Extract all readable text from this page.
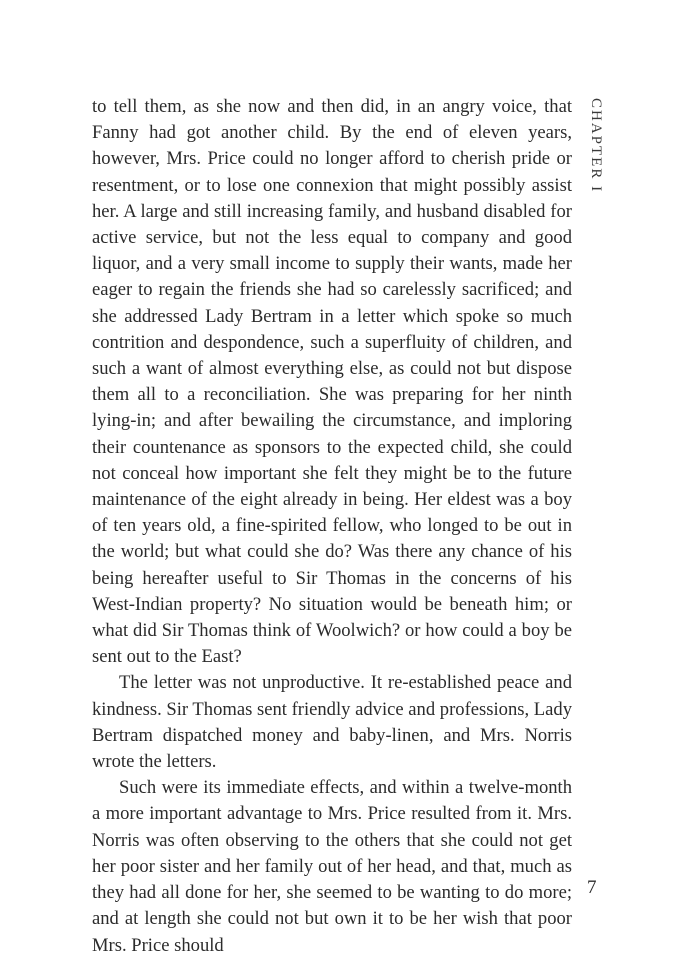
CHAPTER I

to tell them, as she now and then did, in an angry voice, that Fanny had got another child. By the end of eleven years, however, Mrs. Price could no longer afford to cherish pride or resentment, or to lose one connexion that might possibly assist her. A large and still increasing family, and husband disabled for active service, but not the less equal to company and good liquor, and a very small income to supply their wants, made her eager to regain the friends she had so carelessly sacrificed; and she addressed Lady Bertram in a letter which spoke so much contrition and despondence, such a superfluity of children, and such a want of almost everything else, as could not but dispose them all to a reconciliation. She was preparing for her ninth lying-in; and after bewailing the circumstance, and imploring their countenance as sponsors to the expected child, she could not conceal how important she felt they might be to the future maintenance of the eight already in being. Her eldest was a boy of ten years old, a fine-spirited fellow, who longed to be out in the world; but what could she do? Was there any chance of his being hereafter useful to Sir Thomas in the concerns of his West-Indian property? No situation would be beneath him; or what did Sir Thomas think of Woolwich? or how could a boy be sent out to the East?

The letter was not unproductive. It re-established peace and kindness. Sir Thomas sent friendly advice and professions, Lady Bertram dispatched money and baby-linen, and Mrs. Norris wrote the letters.

Such were its immediate effects, and within a twelve-month a more important advantage to Mrs. Price resulted from it. Mrs. Norris was often observing to the others that she could not get her poor sister and her family out of her head, and that, much as they had all done for her, she seemed to be wanting to do more; and at length she could not but own it to be her wish that poor Mrs. Price should

7
